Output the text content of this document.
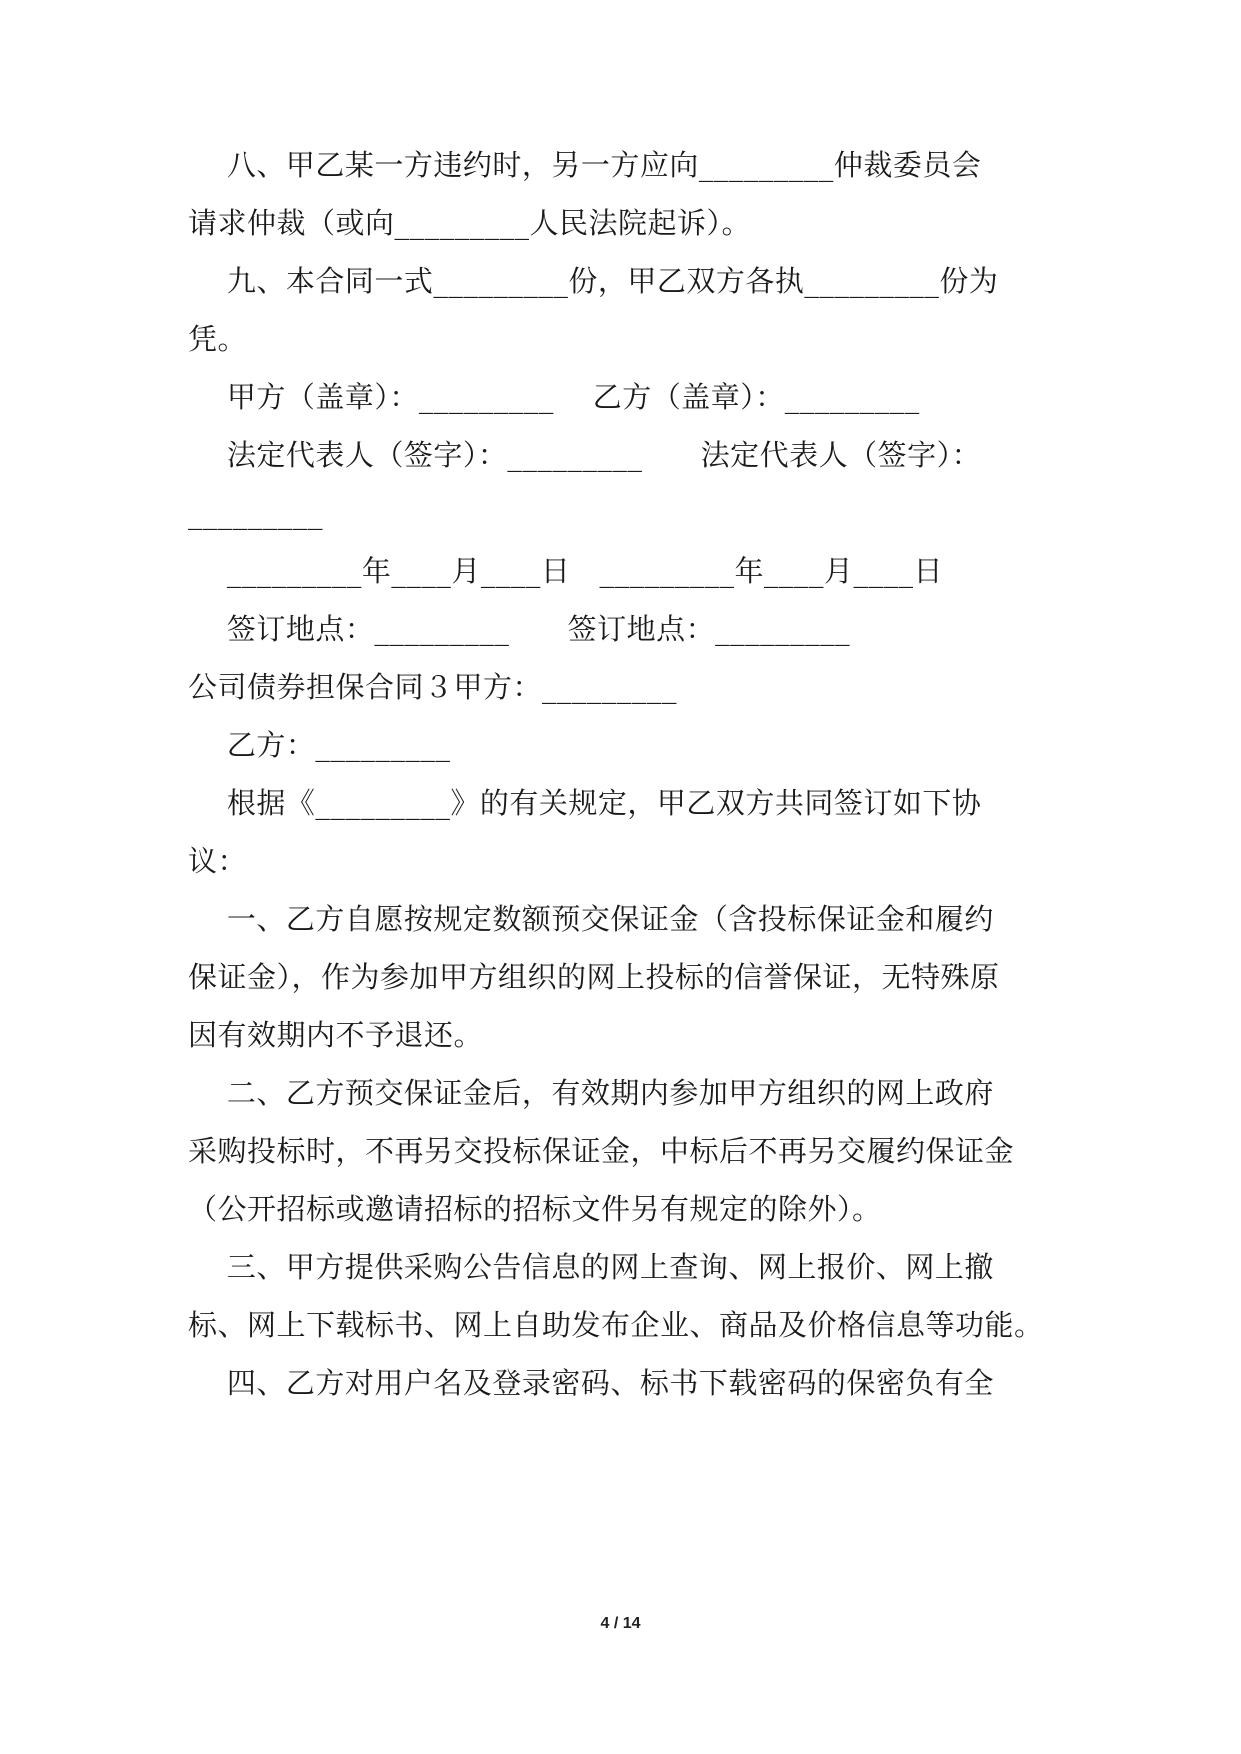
八、甲乙某一方违约时，另一方应向_________仲裁委员会
请求仲裁（或向_________人民法院起诉）。
九、本合同一式_________份，甲乙双方各执_________份为
凭。
甲方（盖章）：_________    乙方（盖章）：_________
法定代表人（签字）：_________      法定代表人（签字）：
_________
_________年____月____日   _________年____月____日
签订地点：_________      签订地点：_________
公司债券担保合同３甲方：_________
乙方：_________
根据《_________》的有关规定，甲乙双方共同签订如下协
议：
一、乙方自愿按规定数额预交保证金（含投标保证金和履约
保证金），作为参加甲方组织的网上投标的信誉保证，无特殊原
因有效期内不予退还。
二、乙方预交保证金后，有效期内参加甲方组织的网上政府
采购投标时，不再另交投标保证金，中标后不再另交履约保证金
（公开招标或邀请招标的招标文件另有规定的除外）。
三、甲方提供采购公告信息的网上查询、网上报价、网上撤
标、网上下载标书、网上自助发布企业、商品及价格信息等功能。
四、乙方对用户名及登录密码、标书下载密码的保密负有全
4 / 14
